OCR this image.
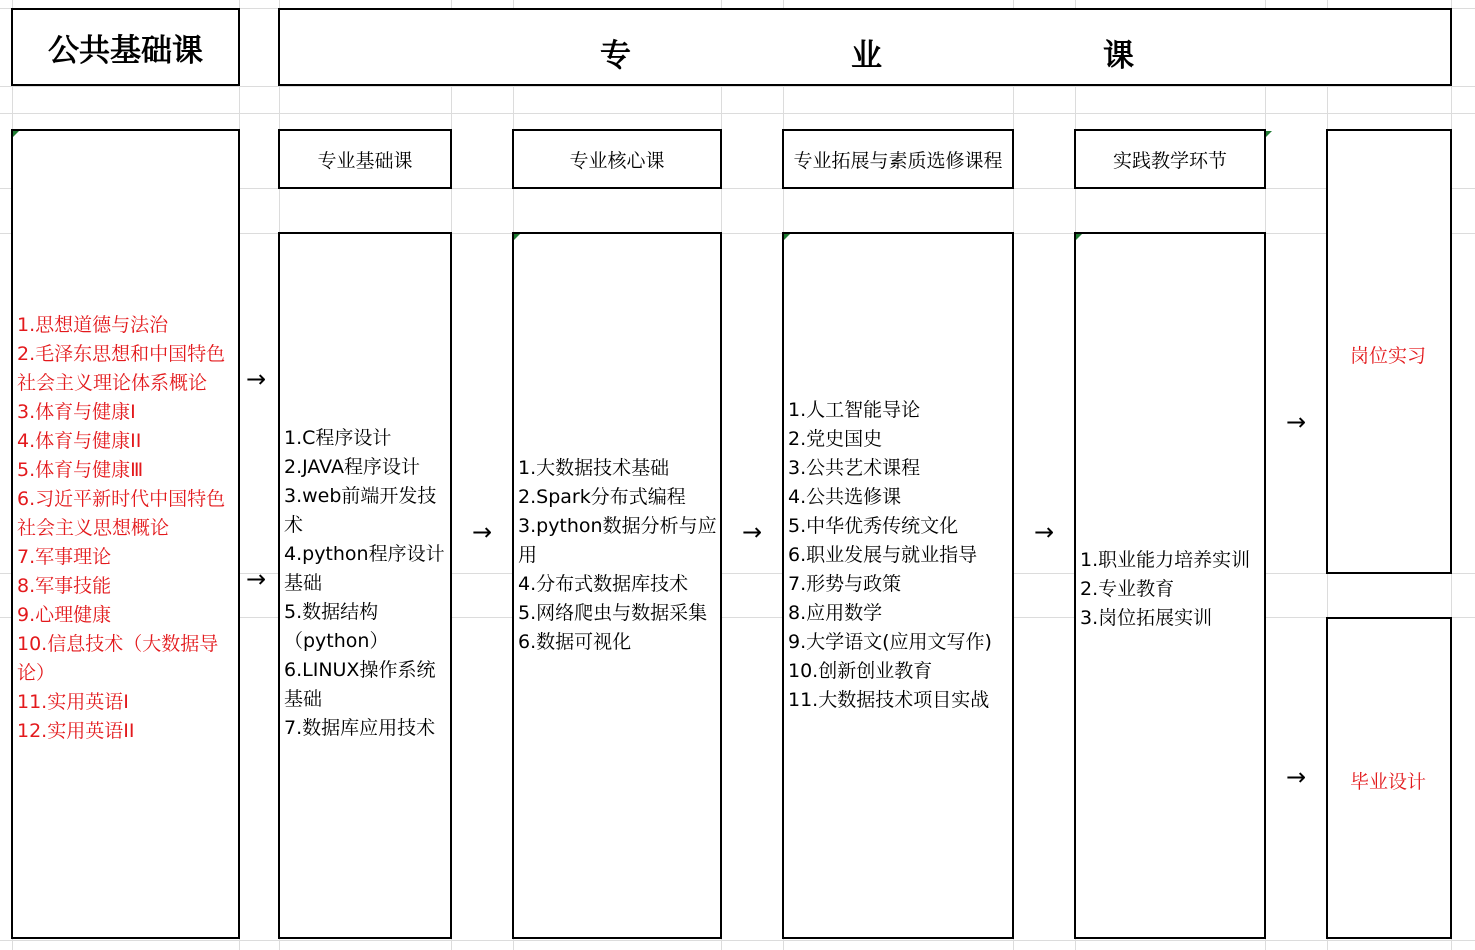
公共基础课	专	业	课
专业基础课	专业核心课	专业拓展与素质选修课程	实践教学环节
1.思想道德与法治
2.毛泽东思想和中国特色社会主义理论体系概论
3.体育与健康I
4.体育与健康II
5.体育与健康Ⅲ
6.习近平新时代中国特色社会主义思想概论
7.军事理论
8.军事技能
9.心理健康
10.信息技术（大数据导论）
11.实用英语I
12.实用英语II
1.C程序设计
2.JAVA程序设计
3.web前端开发技术
4.python程序设计基础
5.数据结构（python）
6.LINUX操作系统基础
7.数据库应用技术
1.大数据技术基础
2.Spark分布式编程
3.python数据分析与应用
4.分布式数据库技术
5.网络爬虫与数据采集
6.数据可视化
1.人工智能导论
2.党史国史
3.公共艺术课程
4.公共选修课
5.中华优秀传统文化
6.职业发展与就业指导
7.形势与政策
8.应用数学
9.大学语文(应用文写作)
10.创新创业教育
11.大数据技术项目实战
1.职业能力培养实训
2.专业教育
3.岗位拓展实训
岗位实习
毕业设计
→
→
→	→	→
→
→
